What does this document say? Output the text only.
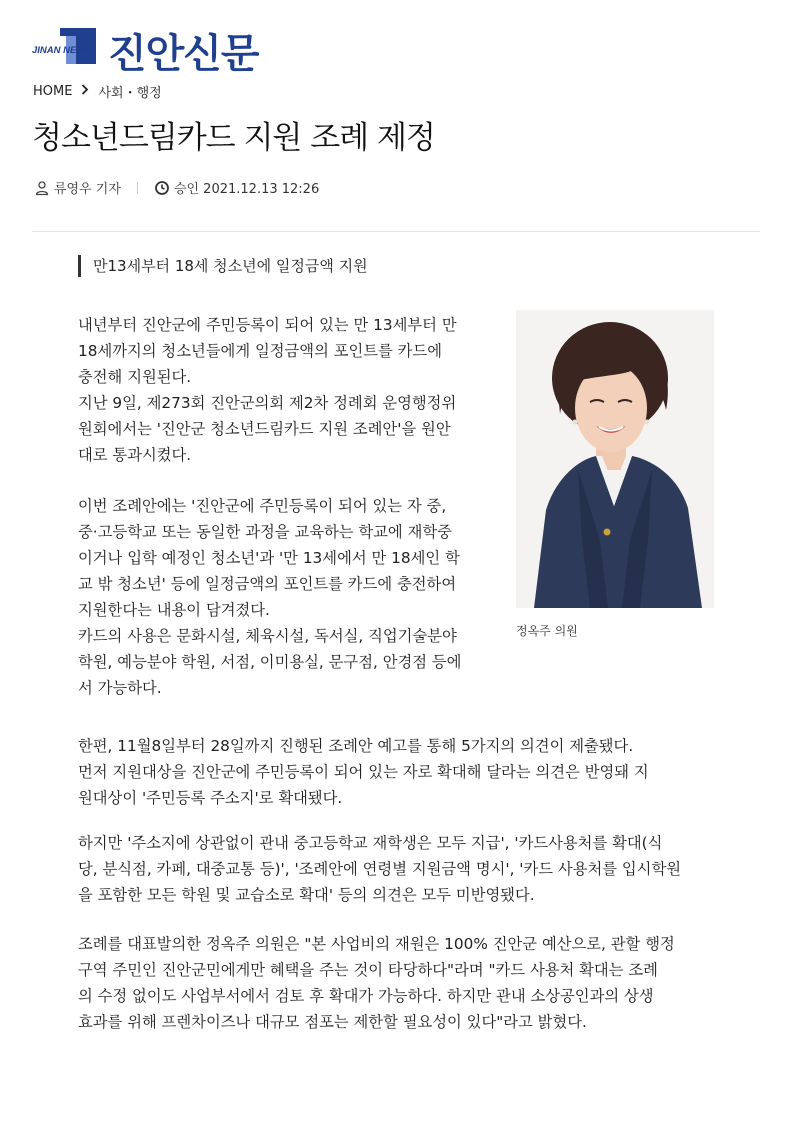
JINAN NEWS 진안신문
HOME 사회・행정
청소년드림카드 지원 조례 제정
류영우 기자	승인 2021.12.13 12:26
만13세부터 18세 청소년에 일정금액 지원

내년부터 진안군에 주민등록이 되어 있는 만 13세부터 만
18세까지의 청소년들에게 일정금액의 포인트를 카드에
충전해 지원된다.
지난 9일, 제273회 진안군의회 제2차 정례회 운영행정위
원회에서는 '진안군 청소년드림카드 지원 조례안'을 원안
대로 통과시켰다.

이번 조례안에는 '진안군에 주민등록이 되어 있는 자 중,
중·고등학교 또는 동일한 과정을 교육하는 학교에 재학중
이거나 입학 예정인 청소년'과 '만 13세에서 만 18세인 학
교 밖 청소년' 등에 일정금액의 포인트를 카드에 충전하여
지원한다는 내용이 담겨졌다.
카드의 사용은 문화시설, 체육시설, 독서실, 직업기술분야
학원, 예능분야 학원, 서점, 이미용실, 문구점, 안경점 등에
서 가능하다.

정옥주 의원

한편, 11월8일부터 28일까지 진행된 조례안 예고를 통해 5가지의 의견이 제출됐다.
먼저 지원대상을 진안군에 주민등록이 되어 있는 자로 확대해 달라는 의견은 반영돼 지
원대상이 '주민등록 주소지'로 확대됐다.

하지만 '주소지에 상관없이 관내 중고등학교 재학생은 모두 지급', '카드사용처를 확대(식
당, 분식점, 카페, 대중교통 등)', '조례안에 연령별 지원금액 명시', '카드 사용처를 입시학원
을 포함한 모든 학원 및 교습소로 확대' 등의 의견은 모두 미반영됐다.

조례를 대표발의한 정옥주 의원은 "본 사업비의 재원은 100% 진안군 예산으로, 관할 행정
구역 주민인 진안군민에게만 혜택을 주는 것이 타당하다"라며 "카드 사용처 확대는 조례
의 수정 없이도 사업부서에서 검토 후 확대가 가능하다. 하지만 관내 소상공인과의 상생
효과를 위해 프렌차이즈나 대규모 점포는 제한할 필요성이 있다"라고 밝혔다.
